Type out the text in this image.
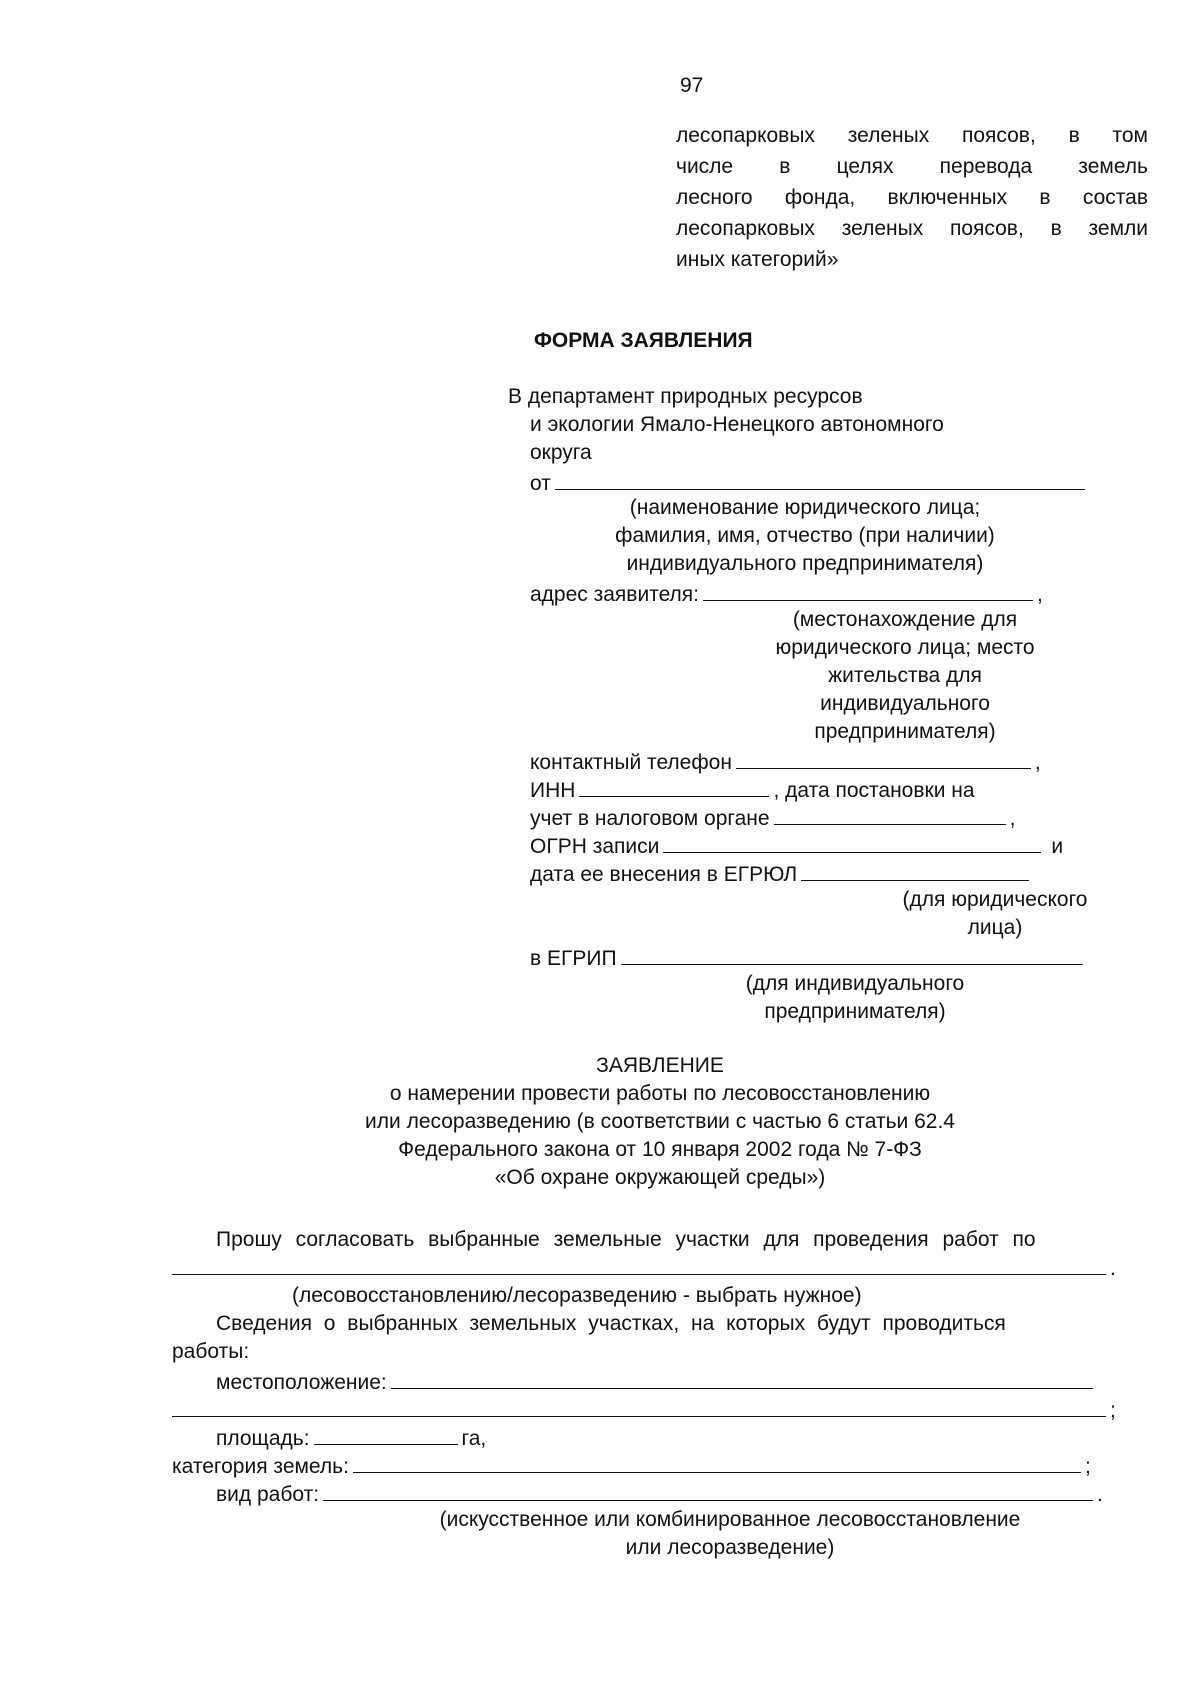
97
лесопарковых зеленых поясов, в том
числе в целях перевода земель
лесного фонда, включенных в состав
лесопарковых зеленых поясов, в земли
иных категорий»
ФОРМА ЗАЯВЛЕНИЯ
В департамент природных ресурсов
и экологии Ямало-Ненецкого автономного
округа
от
(наименование юридического лица;
фамилия, имя, отчество (при наличии)
индивидуального предпринимателя)
адрес заявителя:	,
(местонахождение для
юридического лица; место
жительства для
индивидуального
предпринимателя)
контактный телефон	,
ИНН	, дата постановки на
учет в налоговом органе	,
ОГРН записи	и
дата ее внесения в ЕГРЮЛ
(для юридического
лица)
в ЕГРИП
(для индивидуального
предпринимателя)
ЗАЯВЛЕНИЕ
о намерении провести работы по лесовосстановлению
или лесоразведению (в соответствии с частью 6 статьи 62.4
Федерального закона от 10 января 2002 года № 7-ФЗ
«Об охране окружающей среды»)
Прошу согласовать выбранные земельные участки для проведения работ по
.
(лесовосстановлению/лесоразведению - выбрать нужное)
Сведения о выбранных земельных участках, на которых будут проводиться
работы:
местоположение:
;
площадь:	га,
категория земель:	;
вид работ:	.
(искусственное или комбинированное лесовосстановление
или лесоразведение)
